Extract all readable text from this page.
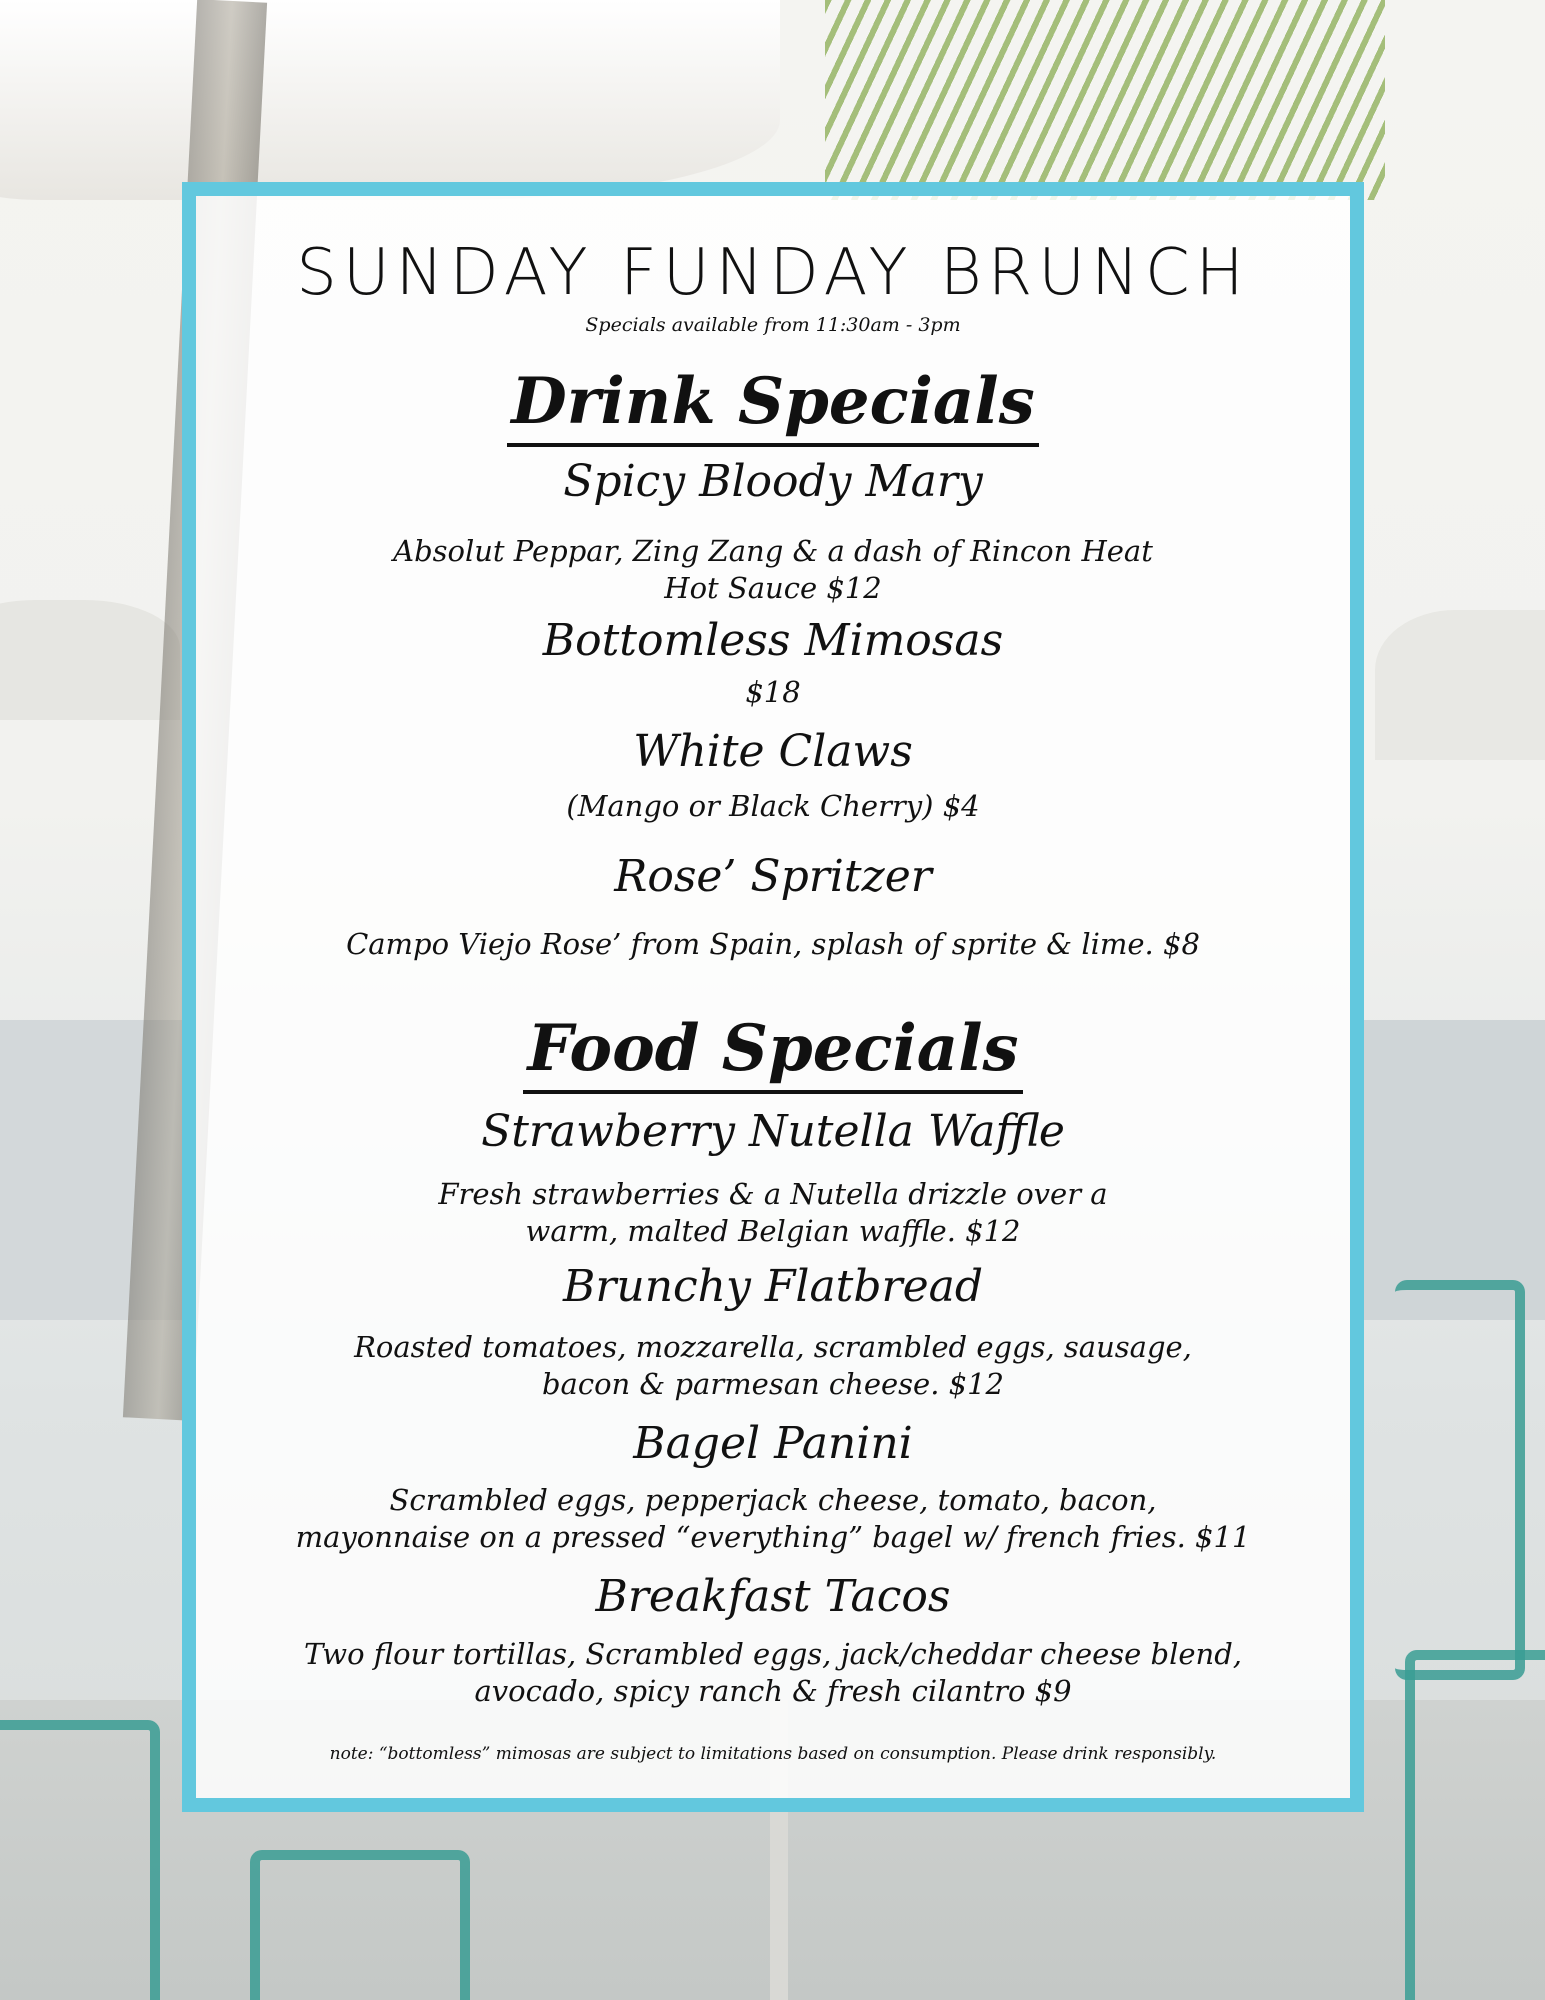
SUNDAY FUNDAY BRUNCH
Specials available from 11:30am - 3pm
Drink Specials
Spicy Bloody Mary
Absolut Peppar, Zing Zang & a dash of Rincon Heat
Hot Sauce $12
Bottomless Mimosas
$18
White Claws
(Mango or Black Cherry) $4
Rose’ Spritzer
Campo Viejo Rose’ from Spain, splash of sprite & lime. $8
Food Specials
Strawberry Nutella Waffle
Fresh strawberries & a Nutella drizzle over a
warm, malted Belgian waffle. $12
Brunchy Flatbread
Roasted tomatoes, mozzarella, scrambled eggs, sausage,
bacon & parmesan cheese. $12
Bagel Panini
Scrambled eggs, pepperjack cheese, tomato, bacon,
mayonnaise on a pressed “everything” bagel w/ french fries. $11
Breakfast Tacos
Two flour tortillas, Scrambled eggs, jack/cheddar cheese blend,
avocado, spicy ranch & fresh cilantro $9
note: “bottomless” mimosas are subject to limitations based on consumption. Please drink responsibly.
